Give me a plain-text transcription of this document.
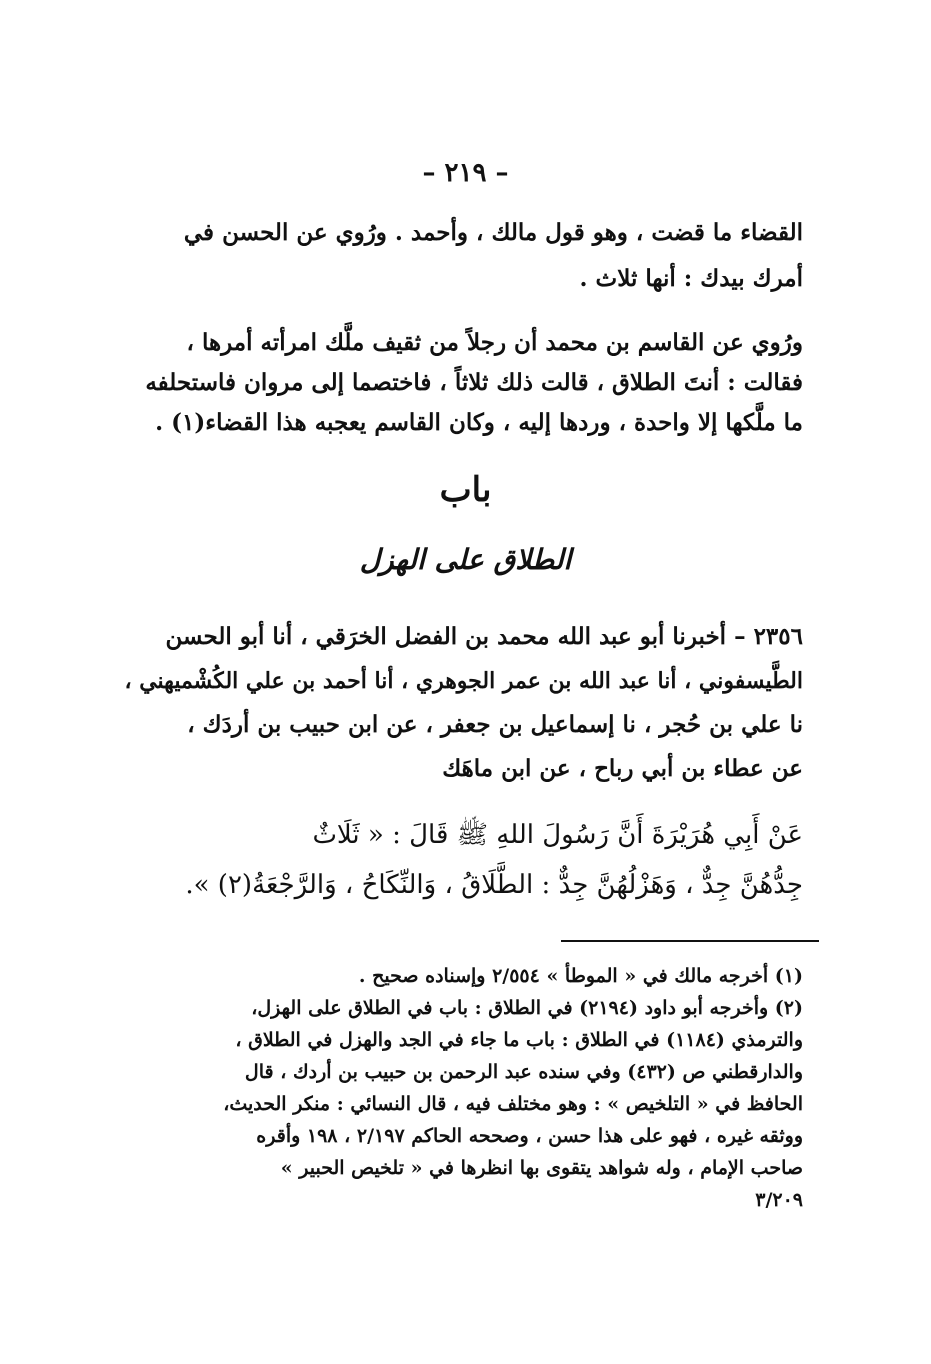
– ٢١٩ –
القضاء ما قضت ، وهو قول مالك ، وأحمد . ورُوي عن الحسن في
أمرك بيدك : أنها ثلاث .
ورُوي عن القاسم بن محمد أن رجلاً من ثقيف ملَّك امرأته أمرها ،
فقالت : أنتَ الطلاق ، قالت ذلك ثلاثاً ، فاختصما إلى مروان فاستحلفه
ما ملَّكها إلا واحدة ، وردها إليه ، وكان القاسم يعجبه هذا القضاء(١) .
باب
الطلاق على الهزل
٢٣٥٦ – أخبرنا أبو عبد الله محمد بن الفضل الخرَقي ، أنا أبو الحسن
الطَّيسفوني ، أنا عبد الله بن عمر الجوهري ، أنا أحمد بن علي الكُشْميهني ،
نا علي بن حُجر ، نا إسماعيل بن جعفر ، عن ابن حبيب بن أردَك ،
عن عطاء بن أبي رباح ، عن ابن ماهَك
عَنْ أَبِي هُرَيْرَةَ أَنَّ رَسُولَ اللهِ ﷺ قَالَ : « ثَلَاثٌ
جِدُّهُنَّ جِدٌّ ، وَهَزْلُهُنَّ جِدٌّ : الطَّلَاقُ ، وَالنِّكَاحُ ، وَالرَّجْعَةُ(٢) ».
(١) أخرجه مالك في « الموطأ » ٢/٥٥٤ وإسناده صحيح .
(٢) وأخرجه أبو داود (٢١٩٤) في الطلاق : باب في الطلاق على الهزل،
والترمذي (١١٨٤) في الطلاق : باب ما جاء في الجد والهزل في الطلاق ،
والدارقطني ص (٤٣٢) وفي سنده عبد الرحمن بن حبيب بن أردك ، قال
الحافظ في « التلخيص » : وهو مختلف فيه ، قال النسائي : منكر الحديث،
ووثقه غيره ، فهو على هذا حسن ، وصححه الحاكم ٢/١٩٧ ، ١٩٨ وأقره
صاحب الإمام ، وله شواهد يتقوى بها انظرها في « تلخيص الحبير »
٣/٢٠٩
